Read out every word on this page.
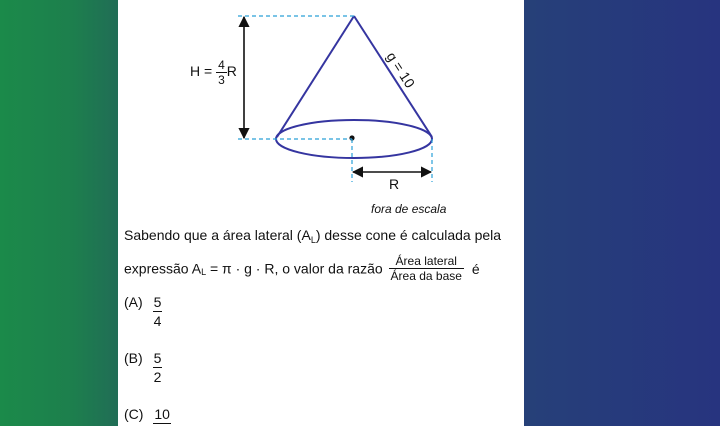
g = 10
R
$H = \frac{4}{3}$ R
fora de escala
Sabendo que a área lateral $(A_L)$ desse cone é calculada pela
expressão $A_L = \pi \cdot g \cdot R$, o valor da razão $\frac{\text{Área lateral}}{\text{Área da base}}$ é
$(A) \frac{5}{4}$
$(B) \frac{5}{2}$
(C) 10
